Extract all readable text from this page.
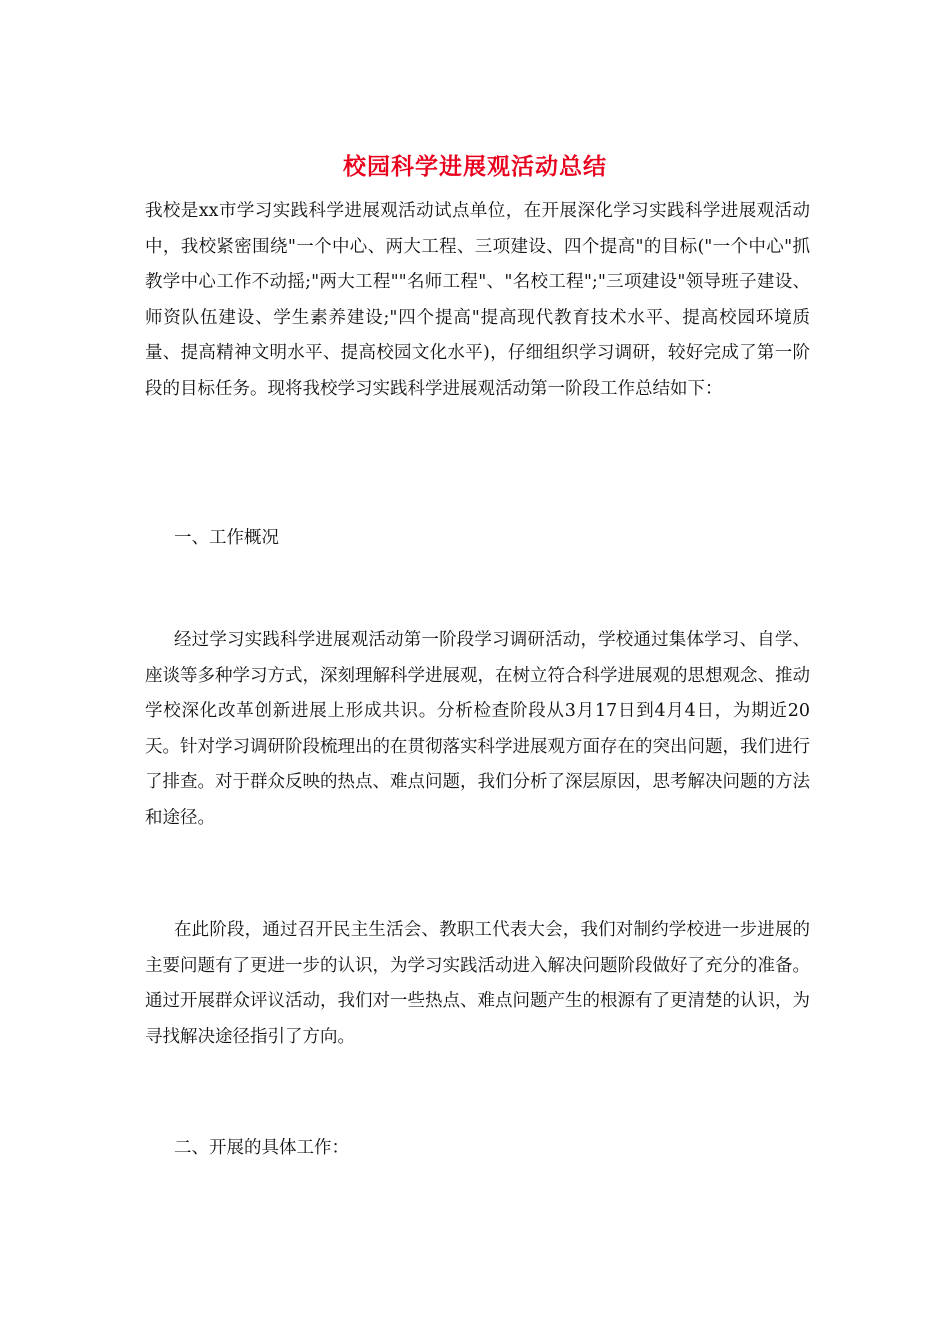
校园科学进展观活动总结

我校是xx市学习实践科学进展观活动试点单位，在开展深化学习实践科学进展观活动中，我校紧密围绕"一个中心、两大工程、三项建设、四个提高"的目标("一个中心"抓教学中心工作不动摇;"两大工程""名师工程"、"名校工程";"三项建设"领导班子建设、师资队伍建设、学生素养建设;"四个提高"提高现代教育技术水平、提高校园环境质量、提高精神文明水平、提高校园文化水平)，仔细组织学习调研，较好完成了第一阶段的目标任务。现将我校学习实践科学进展观活动第一阶段工作总结如下：

一、工作概况

经过学习实践科学进展观活动第一阶段学习调研活动，学校通过集体学习、自学、座谈等多种学习方式，深刻理解科学进展观，在树立符合科学进展观的思想观念、推动学校深化改革创新进展上形成共识。分析检查阶段从3月17日到4月4日，为期近20天。针对学习调研阶段梳理出的在贯彻落实科学进展观方面存在的突出问题，我们进行了排查。对于群众反映的热点、难点问题，我们分析了深层原因，思考解决问题的方法和途径。

在此阶段，通过召开民主生活会、教职工代表大会，我们对制约学校进一步进展的主要问题有了更进一步的认识，为学习实践活动进入解决问题阶段做好了充分的准备。通过开展群众评议活动，我们对一些热点、难点问题产生的根源有了更清楚的认识，为寻找解决途径指引了方向。

二、开展的具体工作：
